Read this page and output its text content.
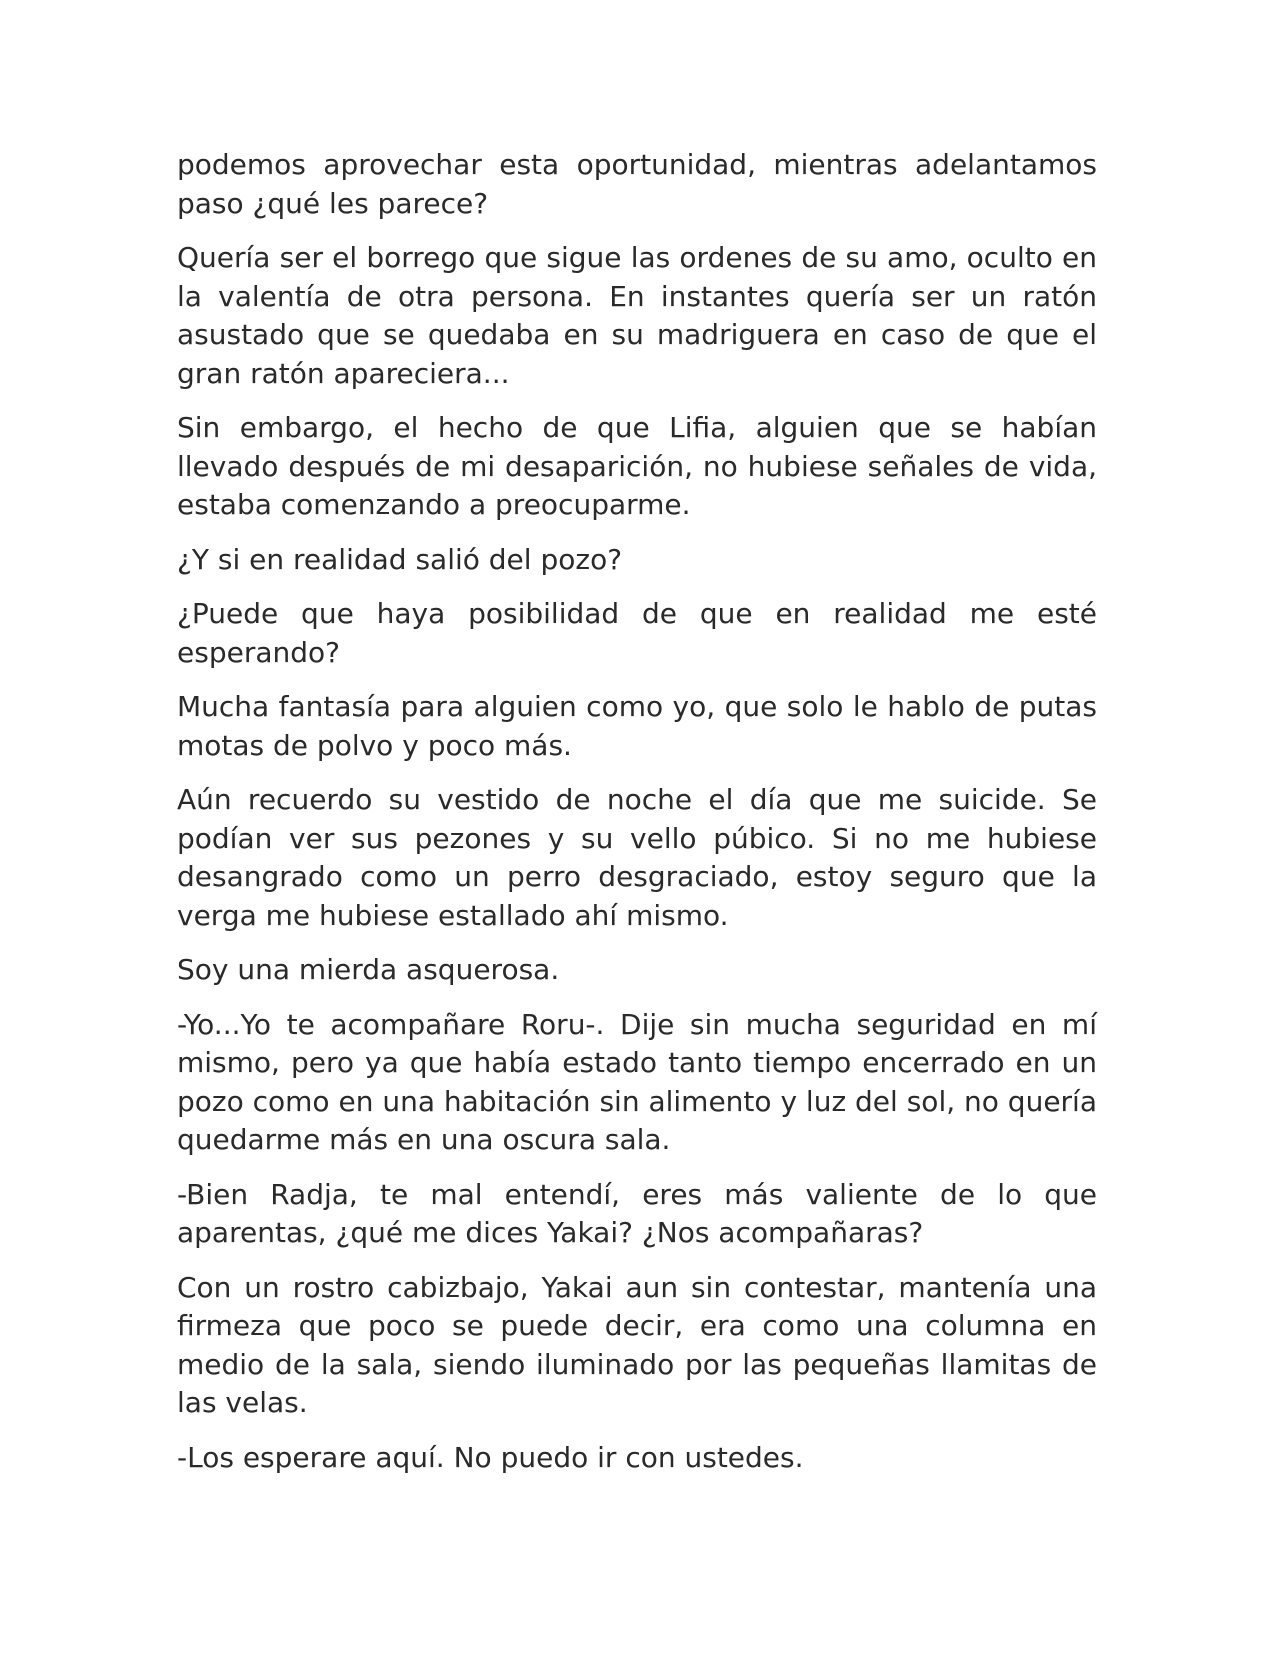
podemos aprovechar esta oportunidad, mientras adelantamos paso ¿qué les parece?

Quería ser el borrego que sigue las ordenes de su amo, oculto en la valentía de otra persona. En instantes quería ser un ratón asustado que se quedaba en su madriguera en caso de que el gran ratón apareciera...

Sin embargo, el hecho de que Lifia, alguien que se habían llevado después de mi desaparición, no hubiese señales de vida, estaba comenzando a preocuparme.

¿Y si en realidad salió del pozo?

¿Puede que haya posibilidad de que en realidad me esté esperando?

Mucha fantasía para alguien como yo, que solo le hablo de putas motas de polvo y poco más.

Aún recuerdo su vestido de noche el día que me suicide. Se podían ver sus pezones y su vello púbico. Si no me hubiese desangrado como un perro desgraciado, estoy seguro que la verga me hubiese estallado ahí mismo.

Soy una mierda asquerosa.

-Yo...Yo te acompañare Roru-. Dije sin mucha seguridad en mí mismo, pero ya que había estado tanto tiempo encerrado en un pozo como en una habitación sin alimento y luz del sol, no quería quedarme más en una oscura sala.

-Bien Radja, te mal entendí, eres más valiente de lo que aparentas, ¿qué me dices Yakai? ¿Nos acompañaras?

Con un rostro cabizbajo, Yakai aun sin contestar, mantenía una firmeza que poco se puede decir, era como una columna en medio de la sala, siendo iluminado por las pequeñas llamitas de las velas.

-Los esperare aquí. No puedo ir con ustedes.
